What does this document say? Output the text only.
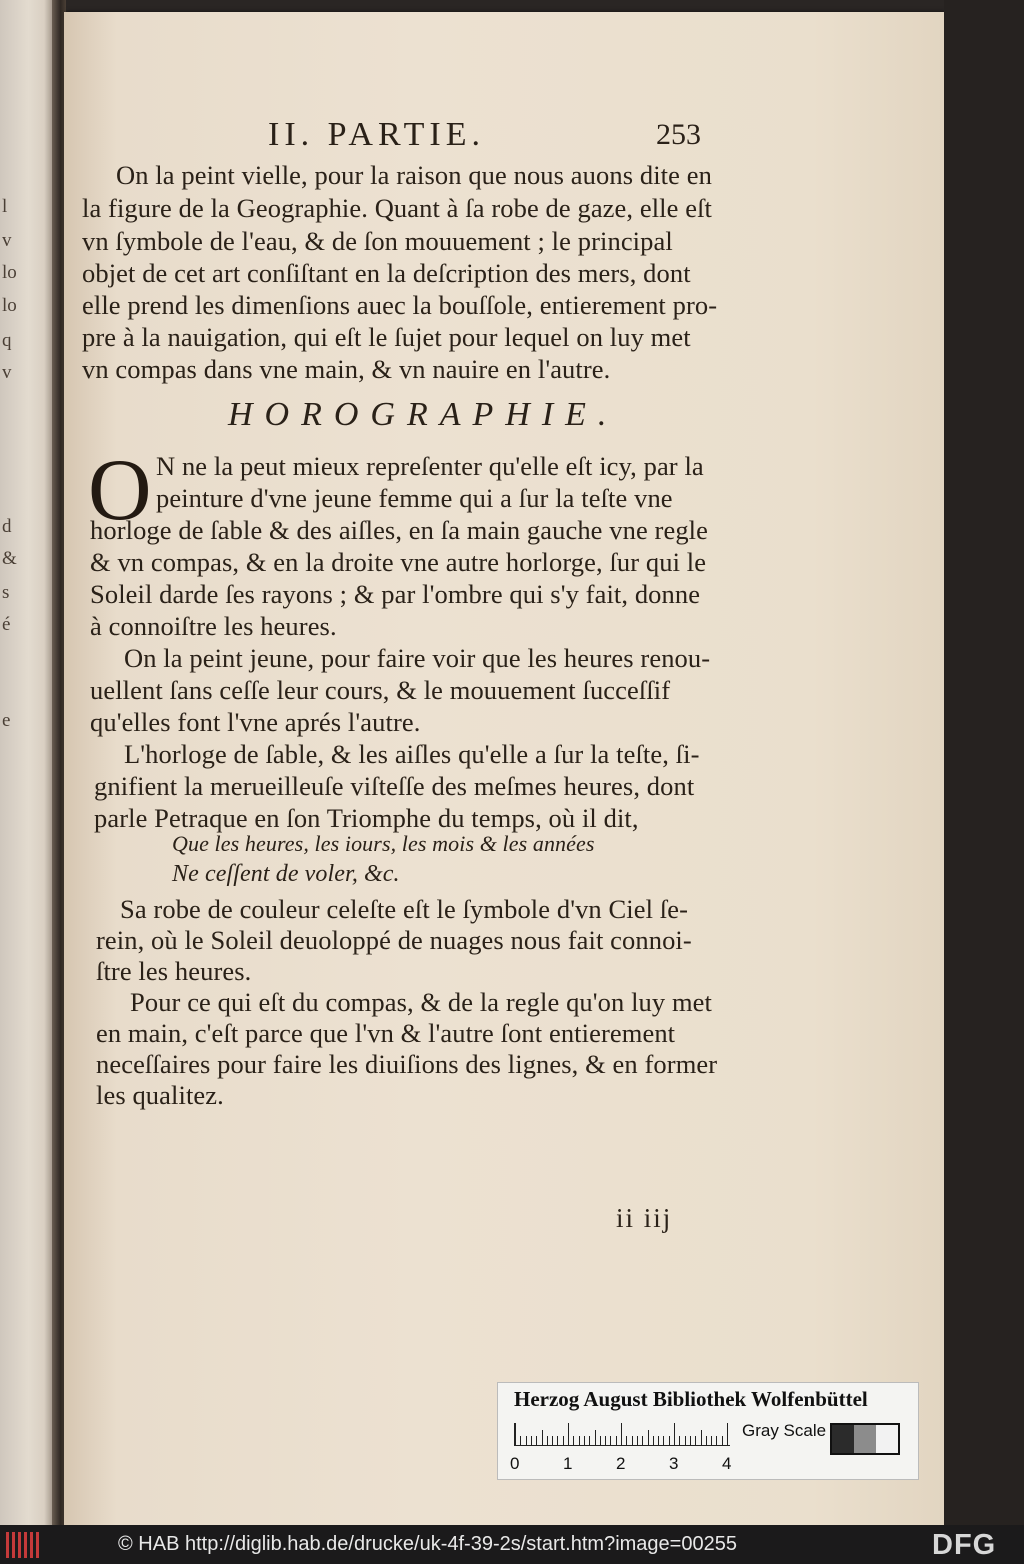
l
v
lo
lo
q
v
d
&
s
é
e
II. PARTIE.	253
On la peint vielle, pour la raison que nous auons dite en
la figure de la Geographie. Quant à ſa robe de gaze, elle eſt
vn ſymbole de l'eau, & de ſon mouuement ; le principal
objet de cet art conſiſtant en la deſcription des mers, dont
elle prend les dimenſions auec la bouſſole, entierement pro-
pre à la nauigation, qui eſt le ſujet pour lequel on luy met
vn compas dans vne main, & vn nauire en l'autre.
HOROGRAPHIE.
O N ne la peut mieux repreſenter qu'elle eſt icy, par la
peinture d'vne jeune femme qui a ſur la teſte vne
horloge de ſable & des aiſles, en ſa main gauche vne regle
& vn compas, & en la droite vne autre horlorge, ſur qui le
Soleil darde ſes rayons ; & par l'ombre qui s'y fait, donne
à connoiſtre les heures.
On la peint jeune, pour faire voir que les heures renou-
uellent ſans ceſſe leur cours, & le mouuement ſucceſſif
qu'elles font l'vne aprés l'autre.
L'horloge de ſable, & les aiſles qu'elle a ſur la teſte, ſi-
gnifient la merueilleuſe viſteſſe des meſmes heures, dont
parle Petraque en ſon Triomphe du temps, où il dit,
Que les heures, les iours, les mois & les années
Ne ceſſent de voler, &c.
Sa robe de couleur celeſte eſt le ſymbole d'vn Ciel ſe-
rein, où le Soleil deuoloppé de nuages nous fait connoi-
ſtre les heures.
Pour ce qui eſt du compas, & de la regle qu'on luy met
en main, c'eſt parce que l'vn & l'autre ſont entierement
neceſſaires pour faire les diuiſions des lignes, & en former
les qualitez.
ii iij
Herzog August Bibliothek Wolfenbüttel
0	1	2	3	4
Gray Scale
© HAB http://diglib.hab.de/drucke/uk-4f-39-2s/start.htm?image=00255	DFG
